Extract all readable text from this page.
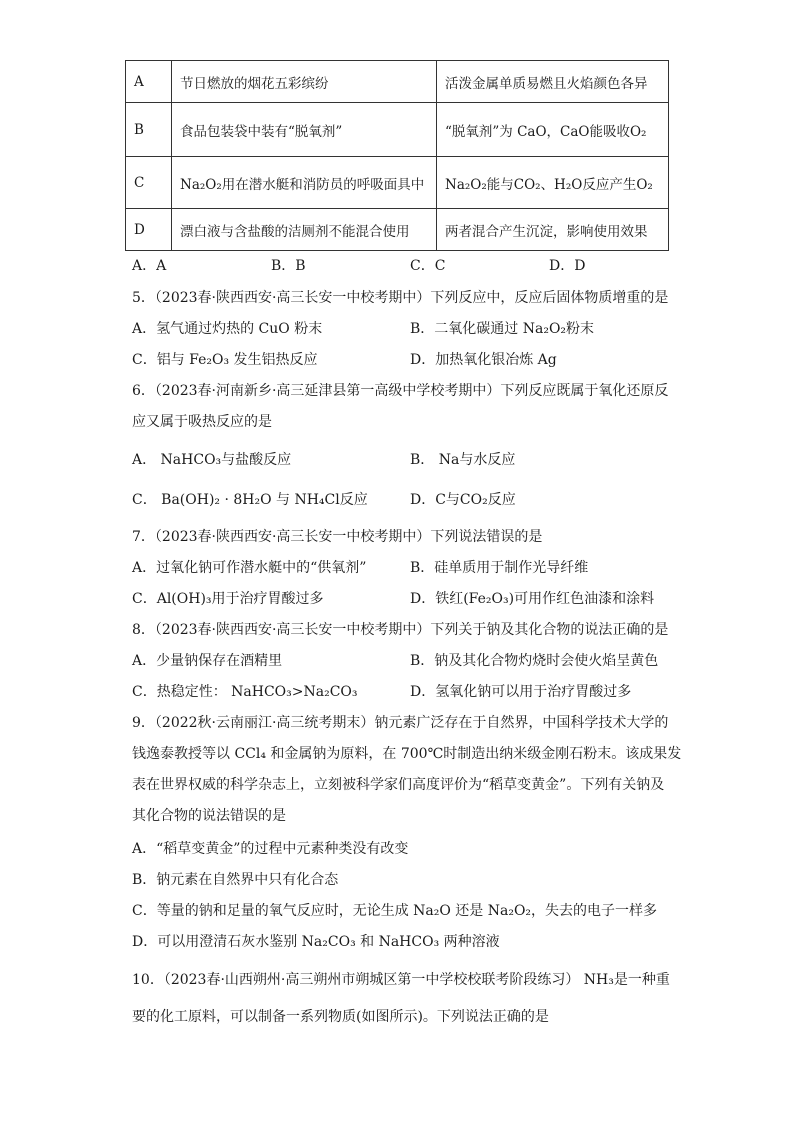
A	节日燃放的烟花五彩缤纷	活泼金属单质易燃且火焰颜色各异
B	食品包装袋中装有“脱氧剂”	“脱氧剂”为 CaO，CaO能吸收O₂
C	Na₂O₂用在潜水艇和消防员的呼吸面具中	Na₂O₂能与CO₂、H₂O反应产生O₂
D	漂白液与含盐酸的洁厕剂不能混合使用	两者混合产生沉淀，影响使用效果
A．A	B．B	C．C	D．D
5．（2023春·陕西西安·高三长安一中校考期中）下列反应中，反应后固体物质增重的是
A．氢气通过灼热的 CuO 粉末	B．二氧化碳通过 Na₂O₂粉末
C．铝与 Fe₂O₃ 发生铝热反应	D．加热氧化银冶炼 Ag
6．（2023春·河南新乡·高三延津县第一高级中学校考期中）下列反应既属于氧化还原反
应又属于吸热反应的是
A． NaHCO₃与盐酸反应	B． Na与水反应
C． Ba(OH)₂ · 8H₂O 与 NH₄Cl反应	D．C与CO₂反应
7．（2023春·陕西西安·高三长安一中校考期中）下列说法错误的是
A．过氧化钠可作潜水艇中的“供氧剂”	B．硅单质用于制作光导纤维
C．Al(OH)₃用于治疗胃酸过多	D．铁红(Fe₂O₃)可用作红色油漆和涂料
8．（2023春·陕西西安·高三长安一中校考期中）下列关于钠及其化合物的说法正确的是
A．少量钠保存在酒精里	B．钠及其化合物灼烧时会使火焰呈黄色
C．热稳定性： NaHCO₃>Na₂CO₃	D．氢氧化钠可以用于治疗胃酸过多
9．（2022秋·云南丽江·高三统考期末）钠元素广泛存在于自然界，中国科学技术大学的
钱逸泰教授等以 CCl₄ 和金属钠为原料，在 700℃时制造出纳米级金刚石粉末。该成果发
表在世界权威的科学杂志上，立刻被科学家们高度评价为“稻草变黄金”。下列有关钠及
其化合物的说法错误的是
A．“稻草变黄金”的过程中元素种类没有改变
B．钠元素在自然界中只有化合态
C．等量的钠和足量的氧气反应时，无论生成 Na₂O 还是 Na₂O₂，失去的电子一样多
D．可以用澄清石灰水鉴别 Na₂CO₃ 和 NaHCO₃ 两种溶液
10．（2023春·山西朔州·高三朔州市朔城区第一中学校校联考阶段练习） NH₃是一种重
要的化工原料，可以制备一系列物质(如图所示)。下列说法正确的是
